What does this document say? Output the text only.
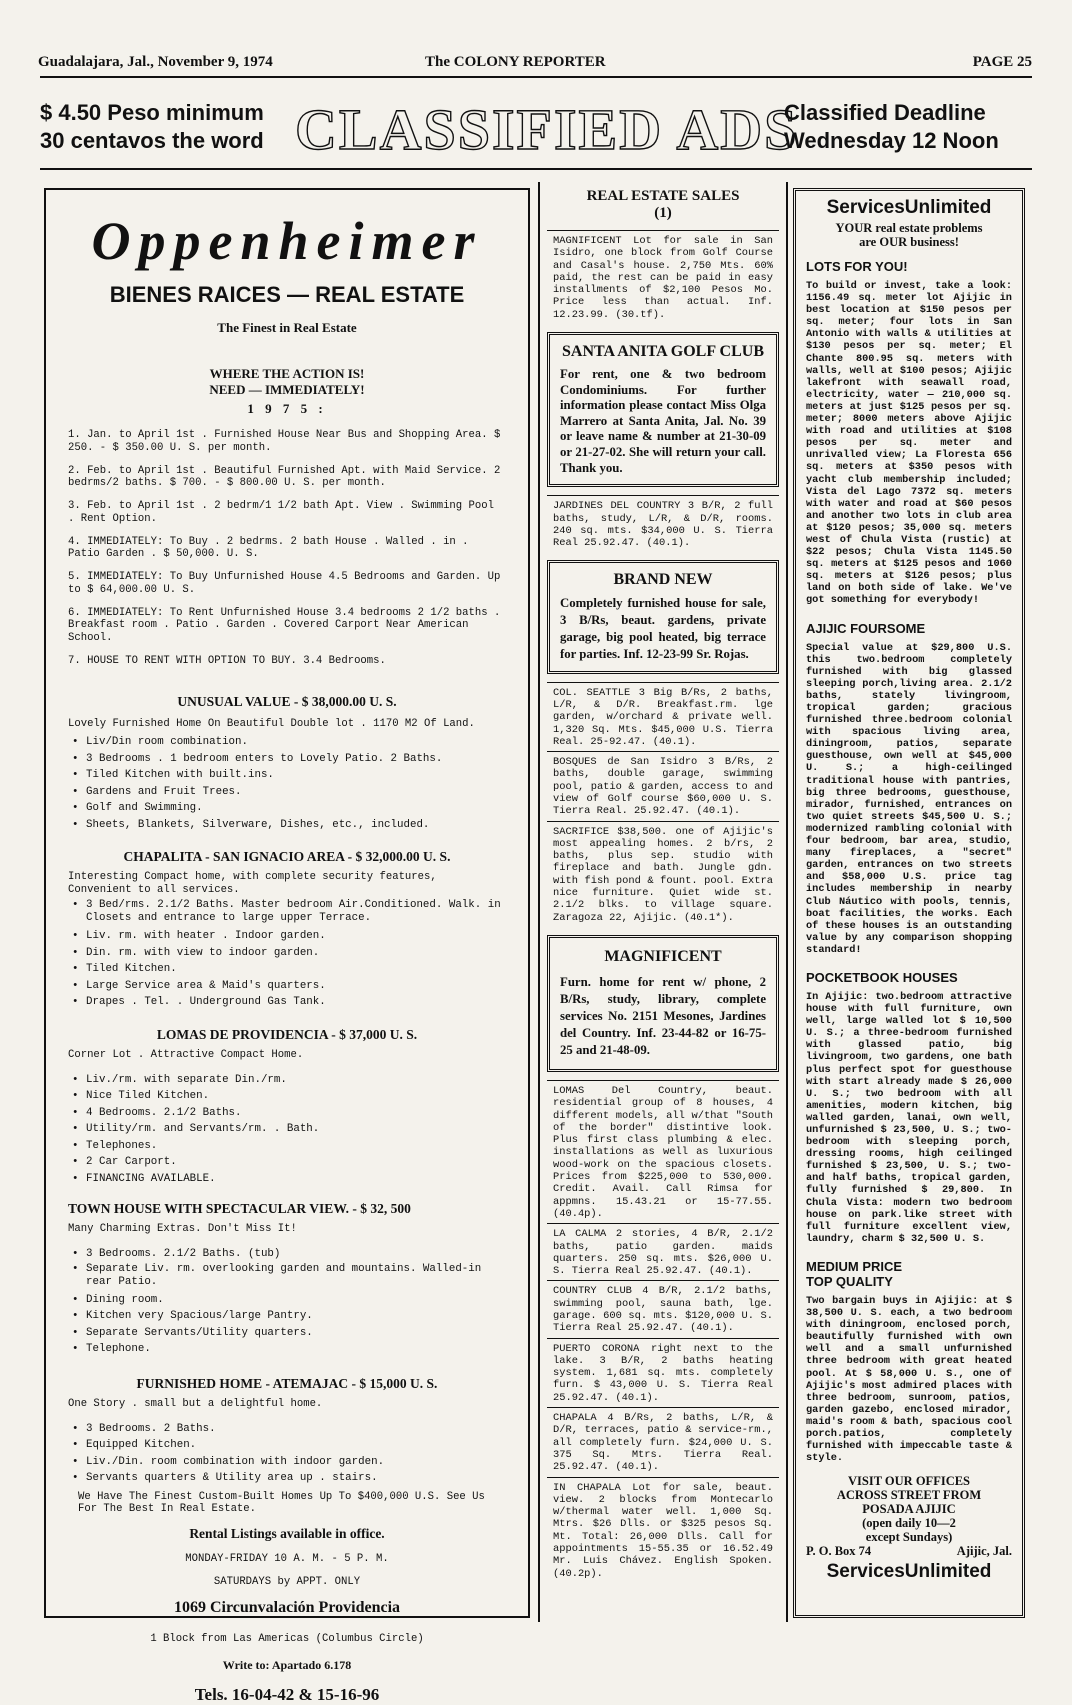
Guadalajara, Jal., November 9, 1974	The COLONY REPORTER	PAGE 25
$ 4.50 Peso minimum
30 centavos the word CLASSIFIED ADS
Classified Deadline
Wednesday 12 Noon
Oppenheimer
BIENES RAICES — REAL ESTATE
The Finest in Real Estate
WHERE THE ACTION IS!
NEED — IMMEDIATELY!
1 9 7 5 :

1. Jan. to April 1st . Furnished House Near Bus and Shopping Area. $ 250. - $ 350.00 U. S. per month.

2. Feb. to April 1st . Beautiful Furnished Apt. with Maid Service. 2 bedrms/2 baths. $ 700. - $ 800.00 U. S. per month.

3. Feb. to April 1st . 2 bedrm/1 1/2 bath Apt. View . Swimming Pool . Rent Option.

4. IMMEDIATELY: To Buy . 2 bedrms. 2 bath House . Walled . in . Patio Garden . $ 50,000. U. S.

5. IMMEDIATELY: To Buy Unfurnished House 4.5 Bedrooms and Garden. Up to $ 64,000.00 U. S.

6. IMMEDIATELY: To Rent Unfurnished House 3.4 bedrooms 2 1/2 baths . Breakfast room . Patio . Garden . Covered Carport Near American School.

7. HOUSE TO RENT WITH OPTION TO BUY. 3.4 Bedrooms.

UNUSUAL VALUE - $ 38,000.00 U. S.

Lovely Furnished Home On Beautiful Double lot . 1170 M2 Of Land.

• Liv/Din room combination.
• 3 Bedrooms . 1 bedroom enters to Lovely Patio. 2 Baths.
• Tiled Kitchen with built.ins.
• Gardens and Fruit Trees.
• Golf and Swimming.
• Sheets, Blankets, Silverware, Dishes, etc., included.

CHAPALITA - SAN IGNACIO AREA - $ 32,000.00 U. S.

Interesting Compact home, with complete security features, Convenient to all services.

• 3 Bed/rms. 2.1/2 Baths. Master bedroom Air.Conditioned. Walk. in Closets and entrance to large upper Terrace.
• Liv. rm. with heater . Indoor garden.
• Din. rm. with view to indoor garden.
• Tiled Kitchen.
• Large Service area & Maid's quarters.
• Drapes . Tel. . Underground Gas Tank.

LOMAS DE PROVIDENCIA - $ 37,000 U. S.

Corner Lot . Attractive Compact Home.

• Liv./rm. with separate Din./rm.
• Nice Tiled Kitchen.
• 4 Bedrooms. 2.1/2 Baths.
• Utility/rm. and Servants/rm. . Bath.
• Telephones.
• 2 Car Carport.
• FINANCING AVAILABLE.

TOWN HOUSE WITH SPECTACULAR VIEW. - $ 32, 500

Many Charming Extras. Don't Miss It!

• 3 Bedrooms. 2.1/2 Baths. (tub)
• Separate Liv. rm. overlooking garden and mountains. Walled-in rear Patio.
• Dining room.
• Kitchen very Spacious/large Pantry.
• Separate Servants/Utility quarters.
• Telephone.

FURNISHED HOME - ATEMAJAC - $ 15,000 U. S.

One Story . small but a delightful home.

• 3 Bedrooms. 2 Baths.
• Equipped Kitchen.
• Liv./Din. room combination with indoor garden.
• Servants quarters & Utility area up . stairs.

We Have The Finest Custom-Built Homes Up To $400,000 U.S. See Us For The Best In Real Estate.

Rental Listings available in office.

MONDAY-FRIDAY 10 A. M. - 5 P. M.

SATURDAYS by APPT. ONLY

1069 Circunvalación Providencia

1 Block from Las Americas (Columbus Circle)

Write to: Apartado 6.178

Tels. 16-04-42 & 15-16-96

REAL ESTATE SALES
(1)

MAGNIFICENT Lot for sale in San Isidro, one block from Golf Course and Casal's house. 2,750 Mts. 60% paid, the rest can be paid in easy installments of $2,100 Pesos Mo. Price less than actual. Inf. 12.23.99. (30.tf).

SANTA ANITA GOLF CLUB

For rent, one & two bedroom Condominiums. For further information please contact Miss Olga Marrero at Santa Anita, Jal. No. 39 or leave name & number at 21-30-09 or 21-27-02. She will return your call. Thank you.

JARDINES DEL COUNTRY 3 B/R, 2 full baths, study, L/R, & D/R, rooms. 240 sq. mts. $34,000 U. S. Tierra Real 25.92.47. (40.1).

BRAND NEW

Completely furnished house for sale, 3 B/Rs, beaut. gardens, private garage, big pool heated, big terrace for parties. Inf. 12-23-99 Sr. Rojas.

COL. SEATTLE 3 Big B/Rs, 2 baths, L/R, & D/R. Breakfast.rm. lge garden, w/orchard & private well. 1,320 Sq. Mts. $45,000 U.S. Tierra Real. 25-92.47. (40.1).

BOSQUES de San Isidro 3 B/Rs, 2 baths, double garage, swimming pool, patio & garden, access to and view of Golf course $60,000 U. S. Tierra Real. 25.92.47. (40.1).

SACRIFICE $38,500. one of Ajijic's most appealing homes. 2 b/rs, 2 baths, plus sep. studio with fireplace and bath. Jungle gdn. with fish pond & fount. pool. Extra nice furniture. Quiet wide st. 2.1/2 blks. to village square. Zaragoza 22, Ajijic. (40.1*).

MAGNIFICENT

Furn. home for rent w/ phone, 2 B/Rs, study, library, complete services No. 2151 Mesones, Jardines del Country. Inf. 23-44-82 or 16-75-25 and 21-48-09.

LOMAS Del Country, beaut. residential group of 8 houses, 4 different models, all w/that "South of the border" distintive look. Plus first class plumbing & elec. installations as well as luxurious wood-work on the spacious closets. Prices from $225,000 to 530,000. Credit. Avail. Call Rimsa for appmns. 15.43.21 or 15-77.55. (40.4p).

LA CALMA 2 stories, 4 B/R, 2.1/2 baths, patio garden. maids quarters. 250 sq. mts. $26,000 U. S. Tierra Real 25.92.47. (40.1).

COUNTRY CLUB 4 B/R, 2.1/2 baths, swimming pool, sauna bath, lge. garage. 600 sq. mts. $120,000 U. S. Tierra Real 25.92.47. (40.1).

PUERTO CORONA right next to the lake. 3 B/R, 2 baths heating system. 1,681 sq. mts. completely furn. $ 43,000 U. S. Tierra Real 25.92.47. (40.1).

CHAPALA 4 B/Rs, 2 baths, L/R, & D/R, terraces, patio & service-rm., all completely furn. $24,000 U. S. 375 Sq. Mtrs. Tierra Real. 25.92.47. (40.1).

IN CHAPALA Lot for sale, beaut. view. 2 blocks from Montecarlo w/thermal water well. 1,000 Sq. Mtrs. $26 Dlls. or $325 pesos Sq. Mt. Total: 26,000 Dlls. Call for appointments 15-55.35 or 16.52.49 Mr. Luis Chávez. English Spoken. (40.2p).

ServicesUnlimited
YOUR real estate problems
are OUR business!

LOTS FOR YOU!

To build or invest, take a look: 1156.49 sq. meter lot Ajijic in best location at $150 pesos per sq. meter; four lots in San Antonio with walls & utilities at $130 pesos per sq. meter; El Chante 800.95 sq. meters with walls, well at $100 pesos; Ajijic lakefront with seawall road, electricity, water — 210,000 sq. meters at just $125 pesos per sq. meter; 8000 meters above Ajijic with road and utilities at $108 pesos per sq. meter and unrivalled view; La Floresta 656 sq. meters at $350 pesos with yacht club membership included; Vista del Lago 7372 sq. meters with water and road at $60 pesos and another two lots in club area at $120 pesos; 35,000 sq. meters west of Chula Vista (rustic) at $22 pesos; Chula Vista 1145.50 sq. meters at $125 pesos and 1060 sq. meters at $126 pesos; plus land on both side of lake. We've got something for everybody!

AJIJIC FOURSOME

Special value at $29,800 U.S. this two.bedroom completely furnished with big glassed sleeping porch,living area. 2.1/2 baths, stately livingroom, tropical garden; gracious furnished three.bedroom colonial with spacious living area, diningroom, patios, separate guesthouse, own well at $45,000 U. S.; a high-ceilinged traditional house with pantries, big three bedrooms, guesthouse, mirador, furnished, entrances on two quiet streets $45,500 U. S.; modernized rambling colonial with four bedroom, bar area, studio, many fireplaces, a "secret" garden, entrances on two streets and $58,000 U.S. price tag includes membership in nearby Club Náutico with pools, tennis, boat facilities, the works. Each of these houses is an outstanding value by any comparison shopping standard!

POCKETBOOK HOUSES

In Ajijic: two.bedroom attractive house with full furniture, own well, large walled lot $ 10,500 U. S.; a three-bedroom furnished with glassed patio, big livingroom, two gardens, one bath plus perfect spot for guesthouse with start already made $ 26,000 U. S.; two bedroom with all amenities, modern kitchen, big walled garden, lanai, own well, unfurnished $ 23,500, U. S.; two-bedroom with sleeping porch, dressing rooms, high ceilinged furnished $ 23,500, U. S.; two-and half baths, tropical garden, fully furnished $ 29,800. In Chula Vista: modern two bedroom house on park.like street with full furniture excellent view, laundry, charm $ 32,500 U. S.

MEDIUM PRICE

TOP QUALITY

Two bargain buys in Ajijic: at $ 38,500 U. S. each, a two bedroom with diningroom, enclosed porch, beautifully furnished with own well and a small unfurnished three bedroom with great heated pool. At $ 58,000 U. S., one of Ajijic's most admired places with three bedroom, sunroom, patios, garden gazebo, enclosed mirador, maid's room & bath, spacious cool porch.patios, completely furnished with impeccable taste & style.

VISIT OUR OFFICES
ACROSS STREET FROM
POSADA AJIJIC
(open daily 10—2
except Sundays)
P. O. Box 74	Ajijic, Jal.
ServicesUnlimited
